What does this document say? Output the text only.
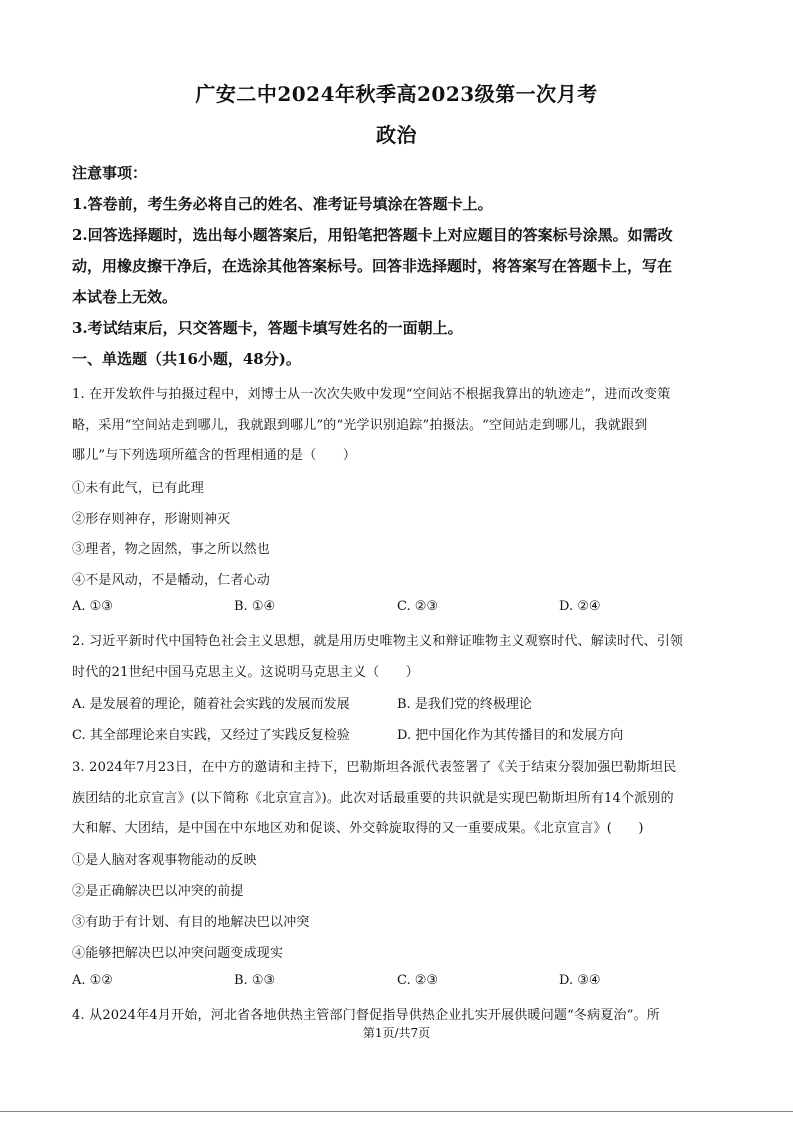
广安二中2024年秋季高2023级第一次月考
政治
注意事项：
1.答卷前，考生务必将自己的姓名、准考证号填涂在答题卡上。
2.回答选择题时，选出每小题答案后，用铅笔把答题卡上对应题目的答案标号涂黑。如需改
动，用橡皮擦干净后，在选涂其他答案标号。回答非选择题时，将答案写在答题卡上，写在
本试卷上无效。
3.考试结束后，只交答题卡，答题卡填写姓名的一面朝上。
一、单选题（共16小题，48分)。
1. 在开发软件与拍摄过程中，刘博士从一次次失败中发现“空间站不根据我算出的轨迹走”，进而改变策
略，采用“空间站走到哪儿，我就跟到哪儿”的“光学识别追踪”拍摄法。“空间站走到哪儿，我就跟到
哪儿”与下列选项所蕴含的哲理相通的是（　　）
①未有此气，已有此理
②形存则神存，形谢则神灭
③理者，物之固然，事之所以然也
④不是风动，不是幡动，仁者心动
A. ①③	B. ①④	C. ②③	D. ②④
2. 习近平新时代中国特色社会主义思想，就是用历史唯物主义和辩证唯物主义观察时代、解读时代、引领
时代的21世纪中国马克思主义。这说明马克思主义（　　）
A. 是发展着的理论，随着社会实践的发展而发展	B. 是我们党的终极理论
C. 其全部理论来自实践，又经过了实践反复检验	D. 把中国化作为其传播目的和发展方向
3. 2024年7月23日，在中方的邀请和主持下，巴勒斯坦各派代表签署了《关于结束分裂加强巴勒斯坦民
族团结的北京宣言》(以下简称《北京宣言》)。此次对话最重要的共识就是实现巴勒斯坦所有14个派别的
大和解、大团结，是中国在中东地区劝和促谈、外交斡旋取得的又一重要成果。《北京宣言》(　　)
①是人脑对客观事物能动的反映
②是正确解决巴以冲突的前提
③有助于有计划、有目的地解决巴以冲突
④能够把解决巴以冲突问题变成现实
A. ①②	B. ①③	C. ②③	D. ③④
4. 从2024年4月开始，河北省各地供热主管部门督促指导供热企业扎实开展供暖问题“冬病夏治”。所
第1页/共7页
